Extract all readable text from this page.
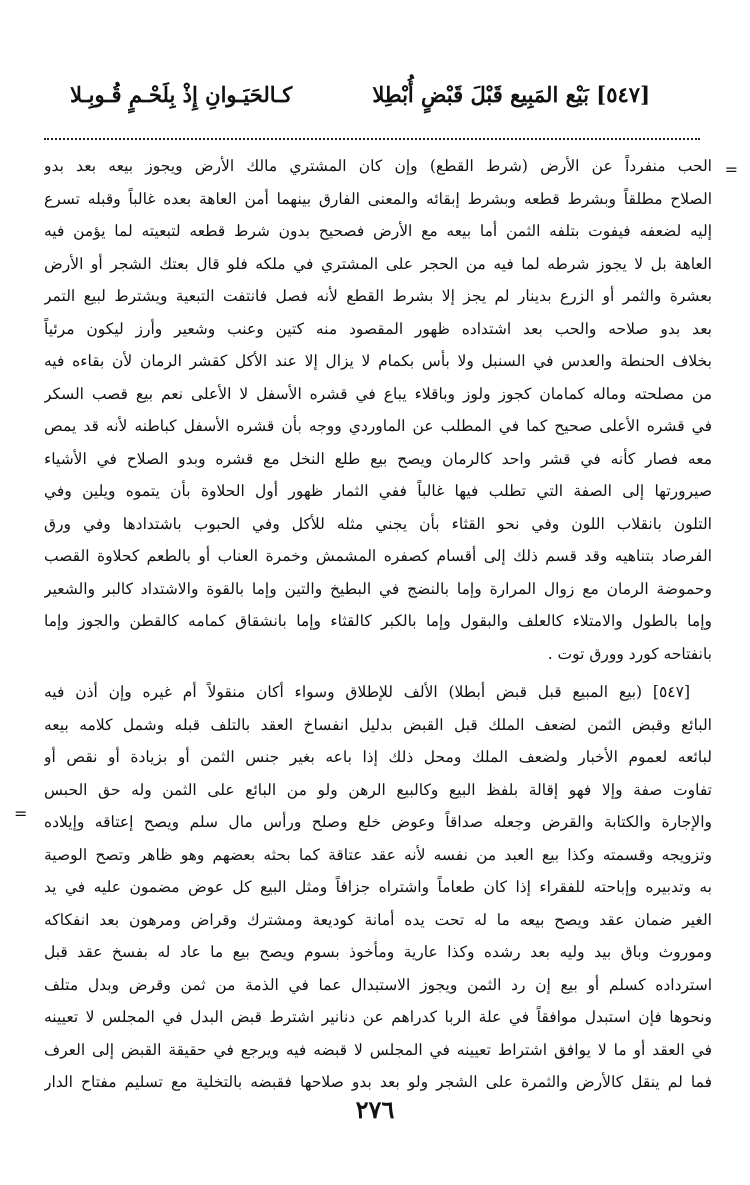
[٥٤٧] بَيْع المَبِيع قَبْلَ قَبْضٍ أُبْطِلا
كـالحَيَـوانِ إِذْ بِلَحْـمٍ قُـوبِـلا
=
الحب منفرداً عن الأرض (شرط القطع) وإن كان المشتري مالك الأرض ويجوز بيعه بعد بدو
الصلاح مطلقاً وبشرط قطعه وبشرط إبقائه والمعنى الفارق بينهما أمن العاهة بعده غالباً وقبله تسرع
إليه لضعفه فيفوت بتلفه الثمن أما بيعه مع الأرض فصحيح بدون شرط قطعه لتبعيته لما يؤمن فيه
العاهة بل لا يجوز شرطه لما فيه من الحجر على المشتري في ملكه فلو قال بعتك الشجر أو الأرض
بعشرة والثمر أو الزرع بدينار لم يجز إلا بشرط القطع لأنه فصل فانتفت التبعية ويشترط لبيع التمر
بعد بدو صلاحه والحب بعد اشتداده ظهور المقصود منه كتين وعنب وشعير وأرز ليكون مرئياً
بخلاف الحنطة والعدس في السنبل ولا بأس بكمام لا يزال إلا عند الأكل كقشر الرمان لأن بقاءه فيه
من مصلحته وماله كمامان كجوز ولوز وباقلاء يباع في قشره الأسفل لا الأعلى نعم بيع قصب السكر
في قشره الأعلى صحيح كما في المطلب عن الماوردي ووجه بأن قشره الأسفل كباطنه لأنه قد يمص
معه فصار كأنه في قشر واحد كالرمان ويصح بيع طلع النخل مع قشره وبدو الصلاح في الأشياء
صيرورتها إلى الصفة التي تطلب فيها غالباً ففي الثمار ظهور أول الحلاوة بأن يتموه ويلين وفي
التلون بانقلاب اللون وفي نحو القثاء بأن يجني مثله للأكل وفي الحبوب باشتدادها وفي ورق
الفرصاد بتناهيه وقد قسم ذلك إلى أقسام كصفره المشمش وخمرة العناب أو بالطعم كحلاوة القصب
وحموضة الرمان مع زوال المرارة وإما بالنضج في البطيخ والتين وإما بالقوة والاشتداد كالبر والشعير
وإما بالطول والامتلاء كالعلف والبقول وإما بالكبر كالقثاء وإما بانشقاق كمامه كالقطن والجوز وإما
بانفتاحه كورد وورق توت .
[٥٤٧] (بيع المبيع قبل قبض أبطلا) الألف للإطلاق وسواء أكان منقولاً أم غيره وإن أذن فيه
البائع وقبض الثمن لضعف الملك قبل القبض بدليل انفساخ العقد بالتلف قبله وشمل كلامه بيعه
لبائعه لعموم الأخبار ولضعف الملك ومحل ذلك إذا باعه بغير جنس الثمن أو بزيادة أو نقص أو
تفاوت صفة وإلا فهو إقالة بلفظ البيع وكالبيع الرهن ولو من البائع على الثمن وله حق الحبس
والإجارة والكتابة والقرض وجعله صداقاً وعوض خلع وصلح ورأس مال سلم ويصح إعتاقه وإيلاده
وتزويجه وقسمته وكذا بيع العبد من نفسه لأنه عقد عتاقة كما بحثه بعضهم وهو ظاهر وتصح الوصية
به وتدبيره وإباحته للفقراء إذا كان طعاماً واشتراه جزافاً ومثل البيع كل عوض مضمون عليه في يد
الغير ضمان عقد ويصح بيعه ما له تحت يده أمانة كوديعة ومشترك وقراض ومرهون بعد انفكاكه
وموروث وباق بيد وليه بعد رشده وكذا عارية ومأخوذ بسوم ويصح بيع ما عاد له بفسخ عقد قبل
استرداده كسلم أو بيع إن رد الثمن ويجوز الاستبدال عما في الذمة من ثمن وقرض وبدل متلف
ونحوها فإن استبدل موافقاً في علة الربا كدراهم عن دنانير اشترط قبض البدل في المجلس لا تعيينه
في العقد أو ما لا يوافق اشتراط تعيينه في المجلس لا قبضه فيه ويرجع في حقيقة القبض إلى العرف
فما لم ينقل كالأرض والثمرة على الشجر ولو بعد بدو صلاحها فقبضه بالتخلية مع تسليم مفتاح الدار
=
٢٧٦
